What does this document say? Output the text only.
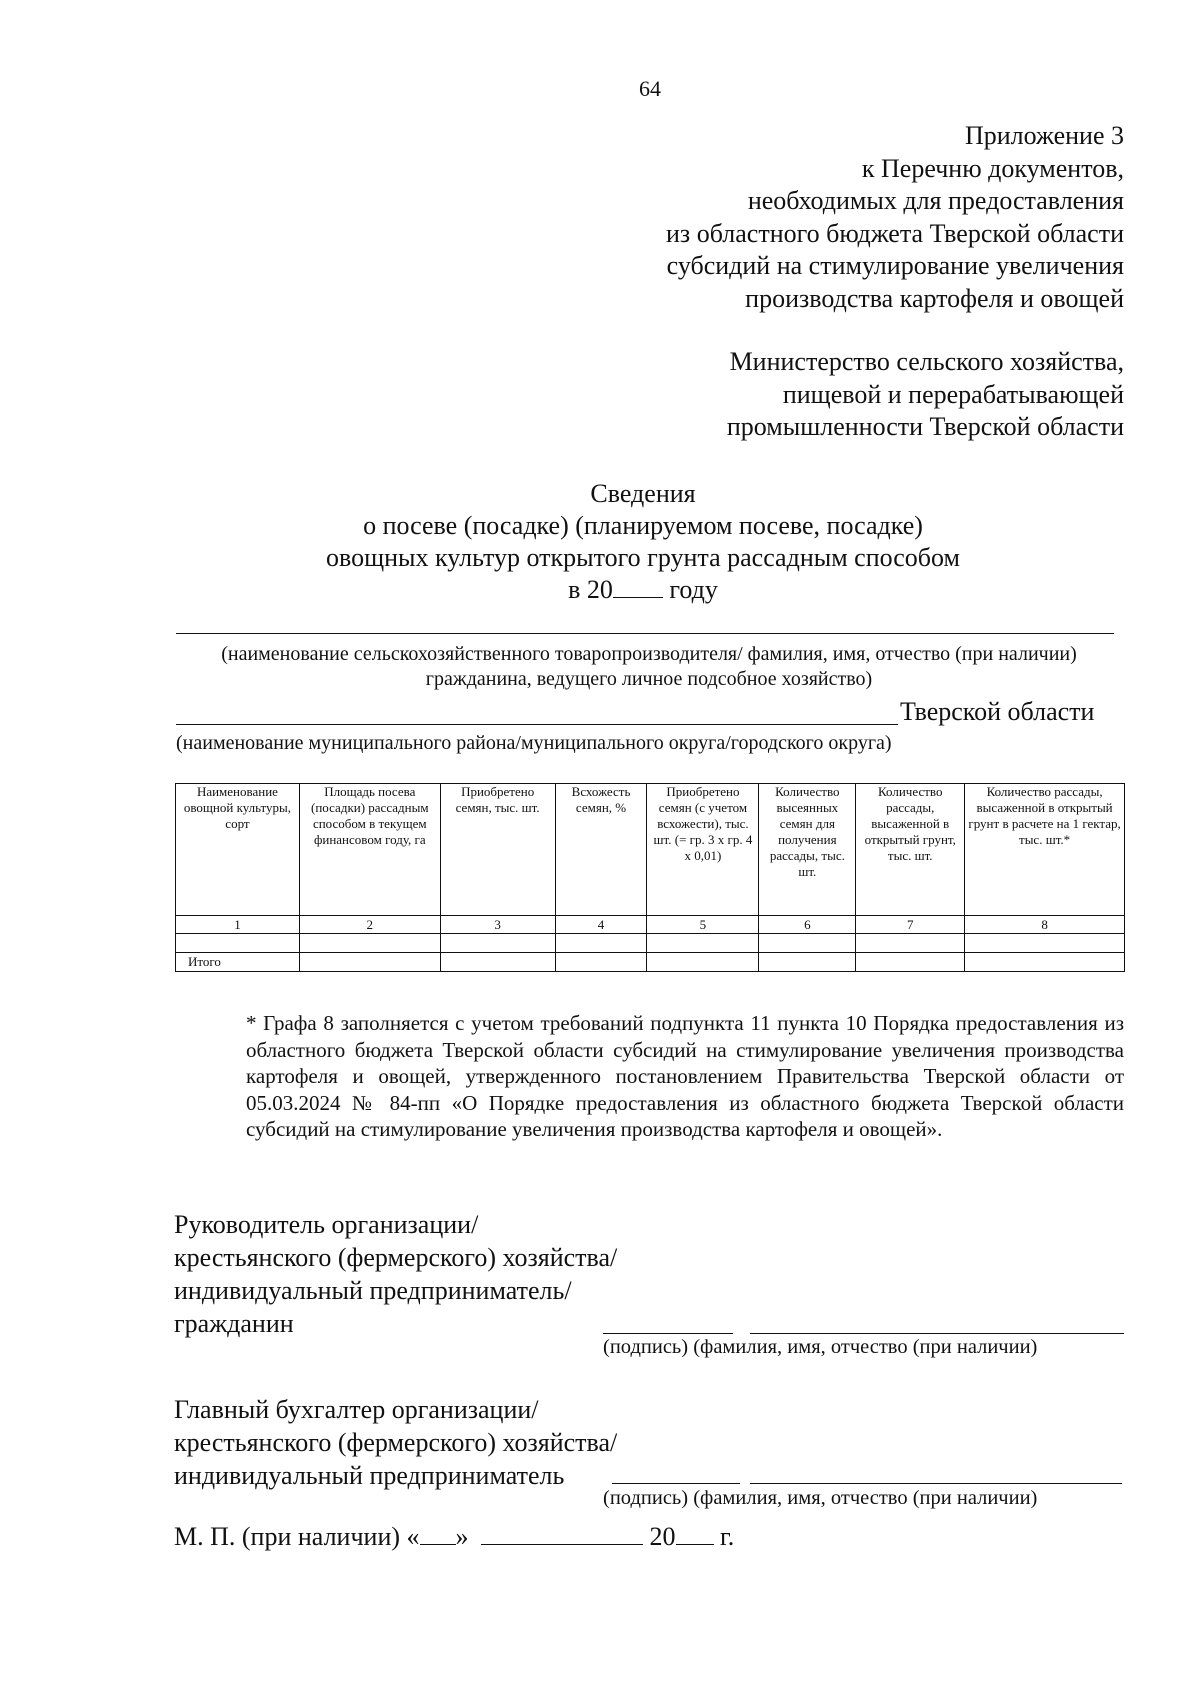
64
Приложение 3
к Перечню документов,
необходимых для предоставления
из областного бюджета Тверской области
субсидий на стимулирование увеличения
производства картофеля и овощей
Министерство сельского хозяйства,
пищевой и перерабатывающей
промышленности Тверской области
Сведения
о посеве (посадке) (планируемом посеве, посадке)
овощных культур открытого грунта рассадным способом
в 20 году
(наименование сельскохозяйственного товаропроизводителя/ фамилия, имя, отчество (при наличии) гражданина, ведущего личное подсобное хозяйство)
Тверской области
(наименование муниципального района/муниципального округа/городского округа)
Наименование овощной культуры, сорт	Площадь посева (посадки) рассадным способом в текущем финансовом году, га	Приобретено семян, тыс. шт.	Всхожесть семян, %	Приобретено семян (с учетом всхожести), тыс. шт. (= гр. 3 х гр. 4 х 0,01)	Количество высеянных семян для получения рассады, тыс. шт.	Количество рассады, высаженной в открытый грунт, тыс. шт.	Количество рассады, высаженной в открытый грунт в расчете на 1 гектар, тыс. шт.*
1	2	3	4	5	6	7	8

Итого							
* Графа 8 заполняется с учетом требований подпункта 11 пункта 10 Порядка предоставления из областного бюджета Тверской области субсидий на стимулирование увеличения производства картофеля и овощей, утвержденного постановлением Правительства Тверской области от 05.03.2024 № 84-пп «О Порядке предоставления из областного бюджета Тверской области субсидий на стимулирование увеличения производства картофеля и овощей».
Руководитель организации/
крестьянского (фермерского) хозяйства/
индивидуальный предприниматель/
гражданин
(подпись) (фамилия, имя, отчество (при наличии)
Главный бухгалтер организации/
крестьянского (фермерского) хозяйства/
индивидуальный предприниматель
(подпись) (фамилия, имя, отчество (при наличии)
М. П. (при наличии) « »	20 г.
